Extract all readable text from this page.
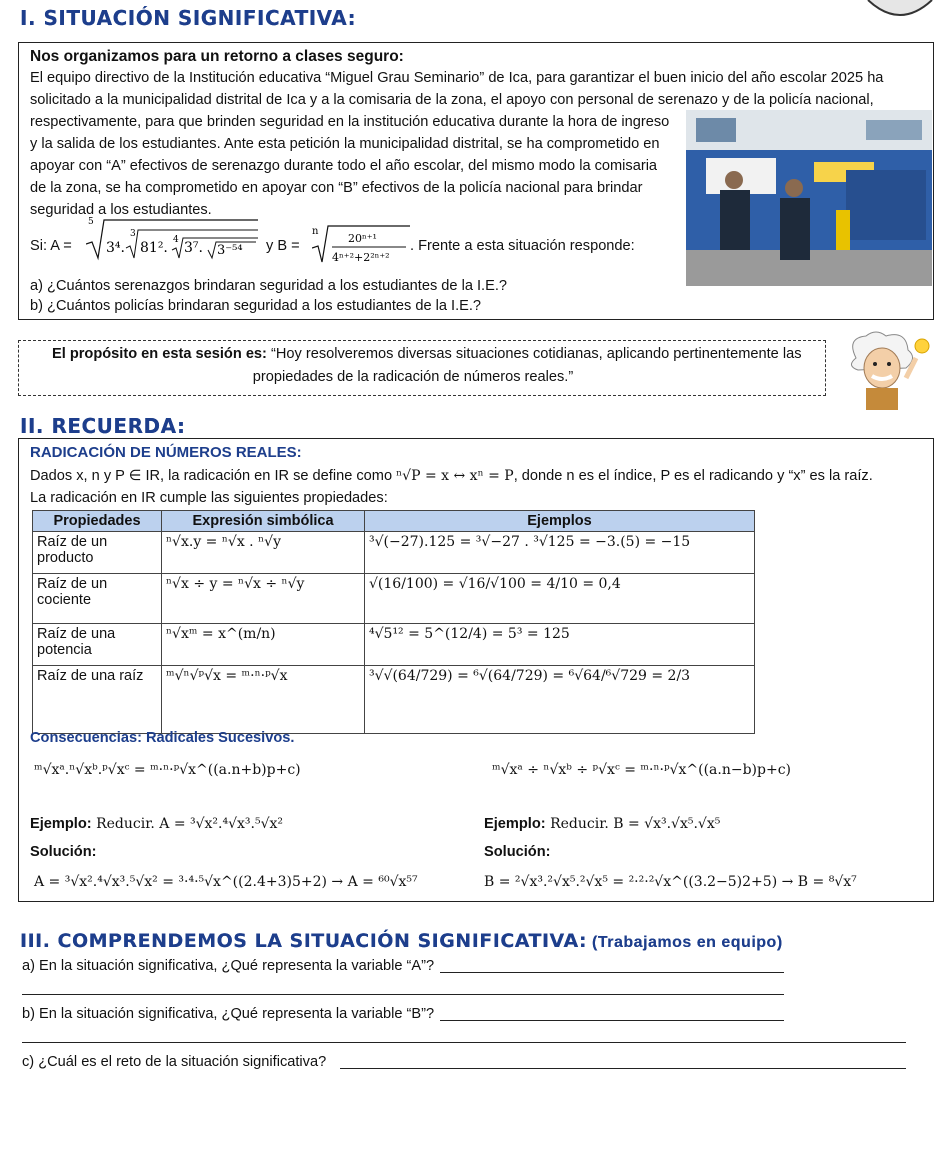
I. SITUACIÓN SIGNIFICATIVA:
Nos organizamos para un retorno a clases seguro:
El equipo directivo de la Institución educativa “Miguel Grau Seminario” de Ica, para garantizar el buen inicio del año escolar 2025 ha
solicitado a la municipalidad distrital de Ica y a la comisaria de la zona, el apoyo con personal de serenazo y de la policía nacional,
respectivamente, para que brinden seguridad en la institución educativa durante la hora de ingreso
y la salida de los estudiantes. Ante esta petición la municipalidad distrital, se ha comprometido en
apoyar con “A” efectivos de serenazgo durante todo el año escolar, del mismo modo la comisaria
de la zona, se ha comprometido en apoyar con “B” efectivos de la policía nacional para brindar
seguridad a los estudiantes.
Si: A =
5
3⁴.
3
81². 4 3⁷. 3⁻⁵⁴ y B =
n
20ⁿ⁺¹
4ⁿ⁺²+2²ⁿ⁺²
. Frente a esta situación responde:
a) ¿Cuántos serenazgos brindaran seguridad a los estudiantes de la I.E.?
b) ¿Cuántos policías brindaran seguridad a los estudiantes de la I.E.?
El propósito en esta sesión es: “Hoy resolveremos diversas situaciones cotidianas, aplicando pertinentemente las
propiedades de la radicación de números reales.”
II. RECUERDA:
RADICACIÓN DE NÚMEROS REALES:
Dados x, n y P ∈ IR, la radicación en IR se define como ⁿ√P = x ↔ xⁿ = P, donde n es el índice, P es el radicando y “x” es la raíz.
La radicación en IR cumple las siguientes propiedades:
Propiedades	Expresión simbólica	Ejemplos
Raíz de un producto	ⁿ√x.y = ⁿ√x . ⁿ√y	³√(−27).125 = ³√−27 . ³√125 = −3.(5) = −15
Raíz de un cociente	ⁿ√x ÷ y = ⁿ√x ÷ ⁿ√y	√(16/100) = √16/√100 = 4/10 = 0,4
Raíz de una potencia	ⁿ√xᵐ = x^(m/n)	⁴√5¹² = 5^(12/4) = 5³ = 125
Raíz de una raíz	ᵐ√ⁿ√ᵖ√x = ᵐ·ⁿ·ᵖ√x	³√√(64/729) = ⁶√(64/729) = ⁶√64/⁶√729 = 2/3
Consecuencias: Radicales Sucesivos.
ᵐ√xᵃ.ⁿ√xᵇ.ᵖ√xᶜ = ᵐ·ⁿ·ᵖ√x^((a.n+b)p+c)	ᵐ√xᵃ ÷ ⁿ√xᵇ ÷ ᵖ√xᶜ = ᵐ·ⁿ·ᵖ√x^((a.n−b)p+c)
Ejemplo: Reducir. A = ³√x².⁴√x³.⁵√x²	Ejemplo: Reducir. B = √x³.√x⁵.√x⁵
Solución:	Solución:
A = ³√x².⁴√x³.⁵√x² = ³·⁴·⁵√x^((2.4+3)5+2) → A = ⁶⁰√x⁵⁷	B = ²√x³.²√x⁵.²√x⁵ = ²·²·²√x^((3.2−5)2+5) → B = ⁸√x⁷
III. COMPRENDEMOS LA SITUACIÓN SIGNIFICATIVA: (Trabajamos en equipo)
a) En la situación significativa, ¿Qué representa la variable “A”?
b) En la situación significativa, ¿Qué representa la variable “B”?
c) ¿Cuál es el reto de la situación significativa?
